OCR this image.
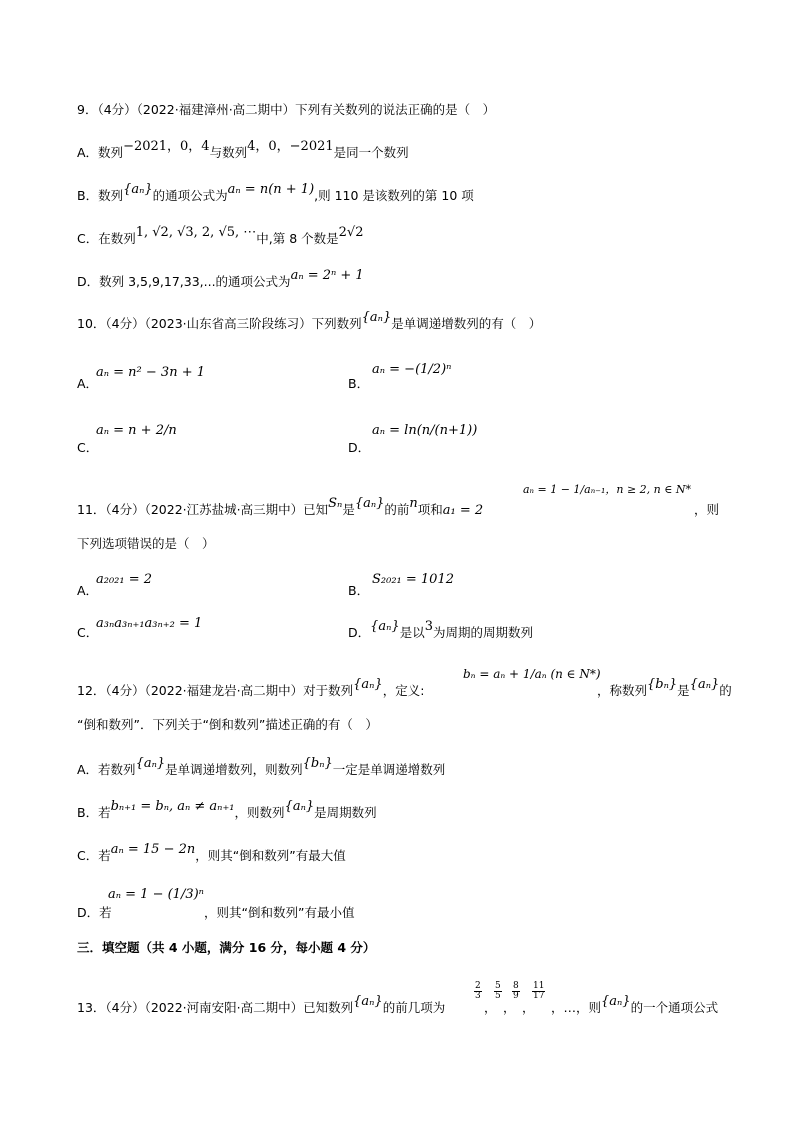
9．（4分）（2022·福建漳州·高二期中）下列有关数列的说法正确的是（　）
A．数列−2021，0，4与数列4，0，−2021是同一个数列
B．数列{aₙ}的通项公式为aₙ = n(n + 1),则 110 是该数列的第 10 项
C．在数列1, √2, √3, 2, √5, ⋯中,第 8 个数是2√2
D．数列 3,5,9,17,33,...的通项公式为aₙ = 2ⁿ + 1
10．（4分）（2023·山东省高三阶段练习）下列数列{aₙ}是单调递增数列的有（　）
A．
aₙ = n² − 3n + 1
B．
aₙ = −(1/2)ⁿ
C．
aₙ = n + 2/n
D．
aₙ = ln(n/(n+1))
11．（4分）（2022·江苏盐城·高三期中）已知Sₙ是{aₙ}的前n项和a₁ = 2
aₙ = 1 − 1/aₙ₋₁，n ≥ 2, n ∈ N*
，则
下列选项错误的是（　）
A．
a₂₀₂₁ = 2
B．
S₂₀₂₁ = 1012
C．
a₃ₙa₃ₙ₊₁a₃ₙ₊₂ = 1
D．{aₙ}是以3为周期的周期数列
12．（4分）（2022·福建龙岩·高二期中）对于数列{aₙ}，定义:
bₙ = aₙ + 1/aₙ (n ∈ N*)
，称数列{bₙ}是{aₙ}的
“倒和数列”．下列关于“倒和数列”描述正确的有（　）
A．若数列{aₙ}是单调递增数列，则数列{bₙ}一定是单调递增数列
B．若bₙ₊₁ = bₙ, aₙ ≠ aₙ₊₁，则数列{aₙ}是周期数列
C．若aₙ = 15 − 2n，则其“倒和数列”有最大值
D．若
aₙ = 1 − (1/3)ⁿ
，则其“倒和数列”有最小值
三．填空题（共 4 小题，满分 16 分，每小题 4 分）
13．（4分）（2022·河南安阳·高二期中）已知数列{aₙ}的前几项为
$\frac{2}{3}$
，
$\frac{5}{5}$
，
$\frac{8}{9}$
，
$\frac{11}{17}$
，…，则{aₙ}的一个通项公式
